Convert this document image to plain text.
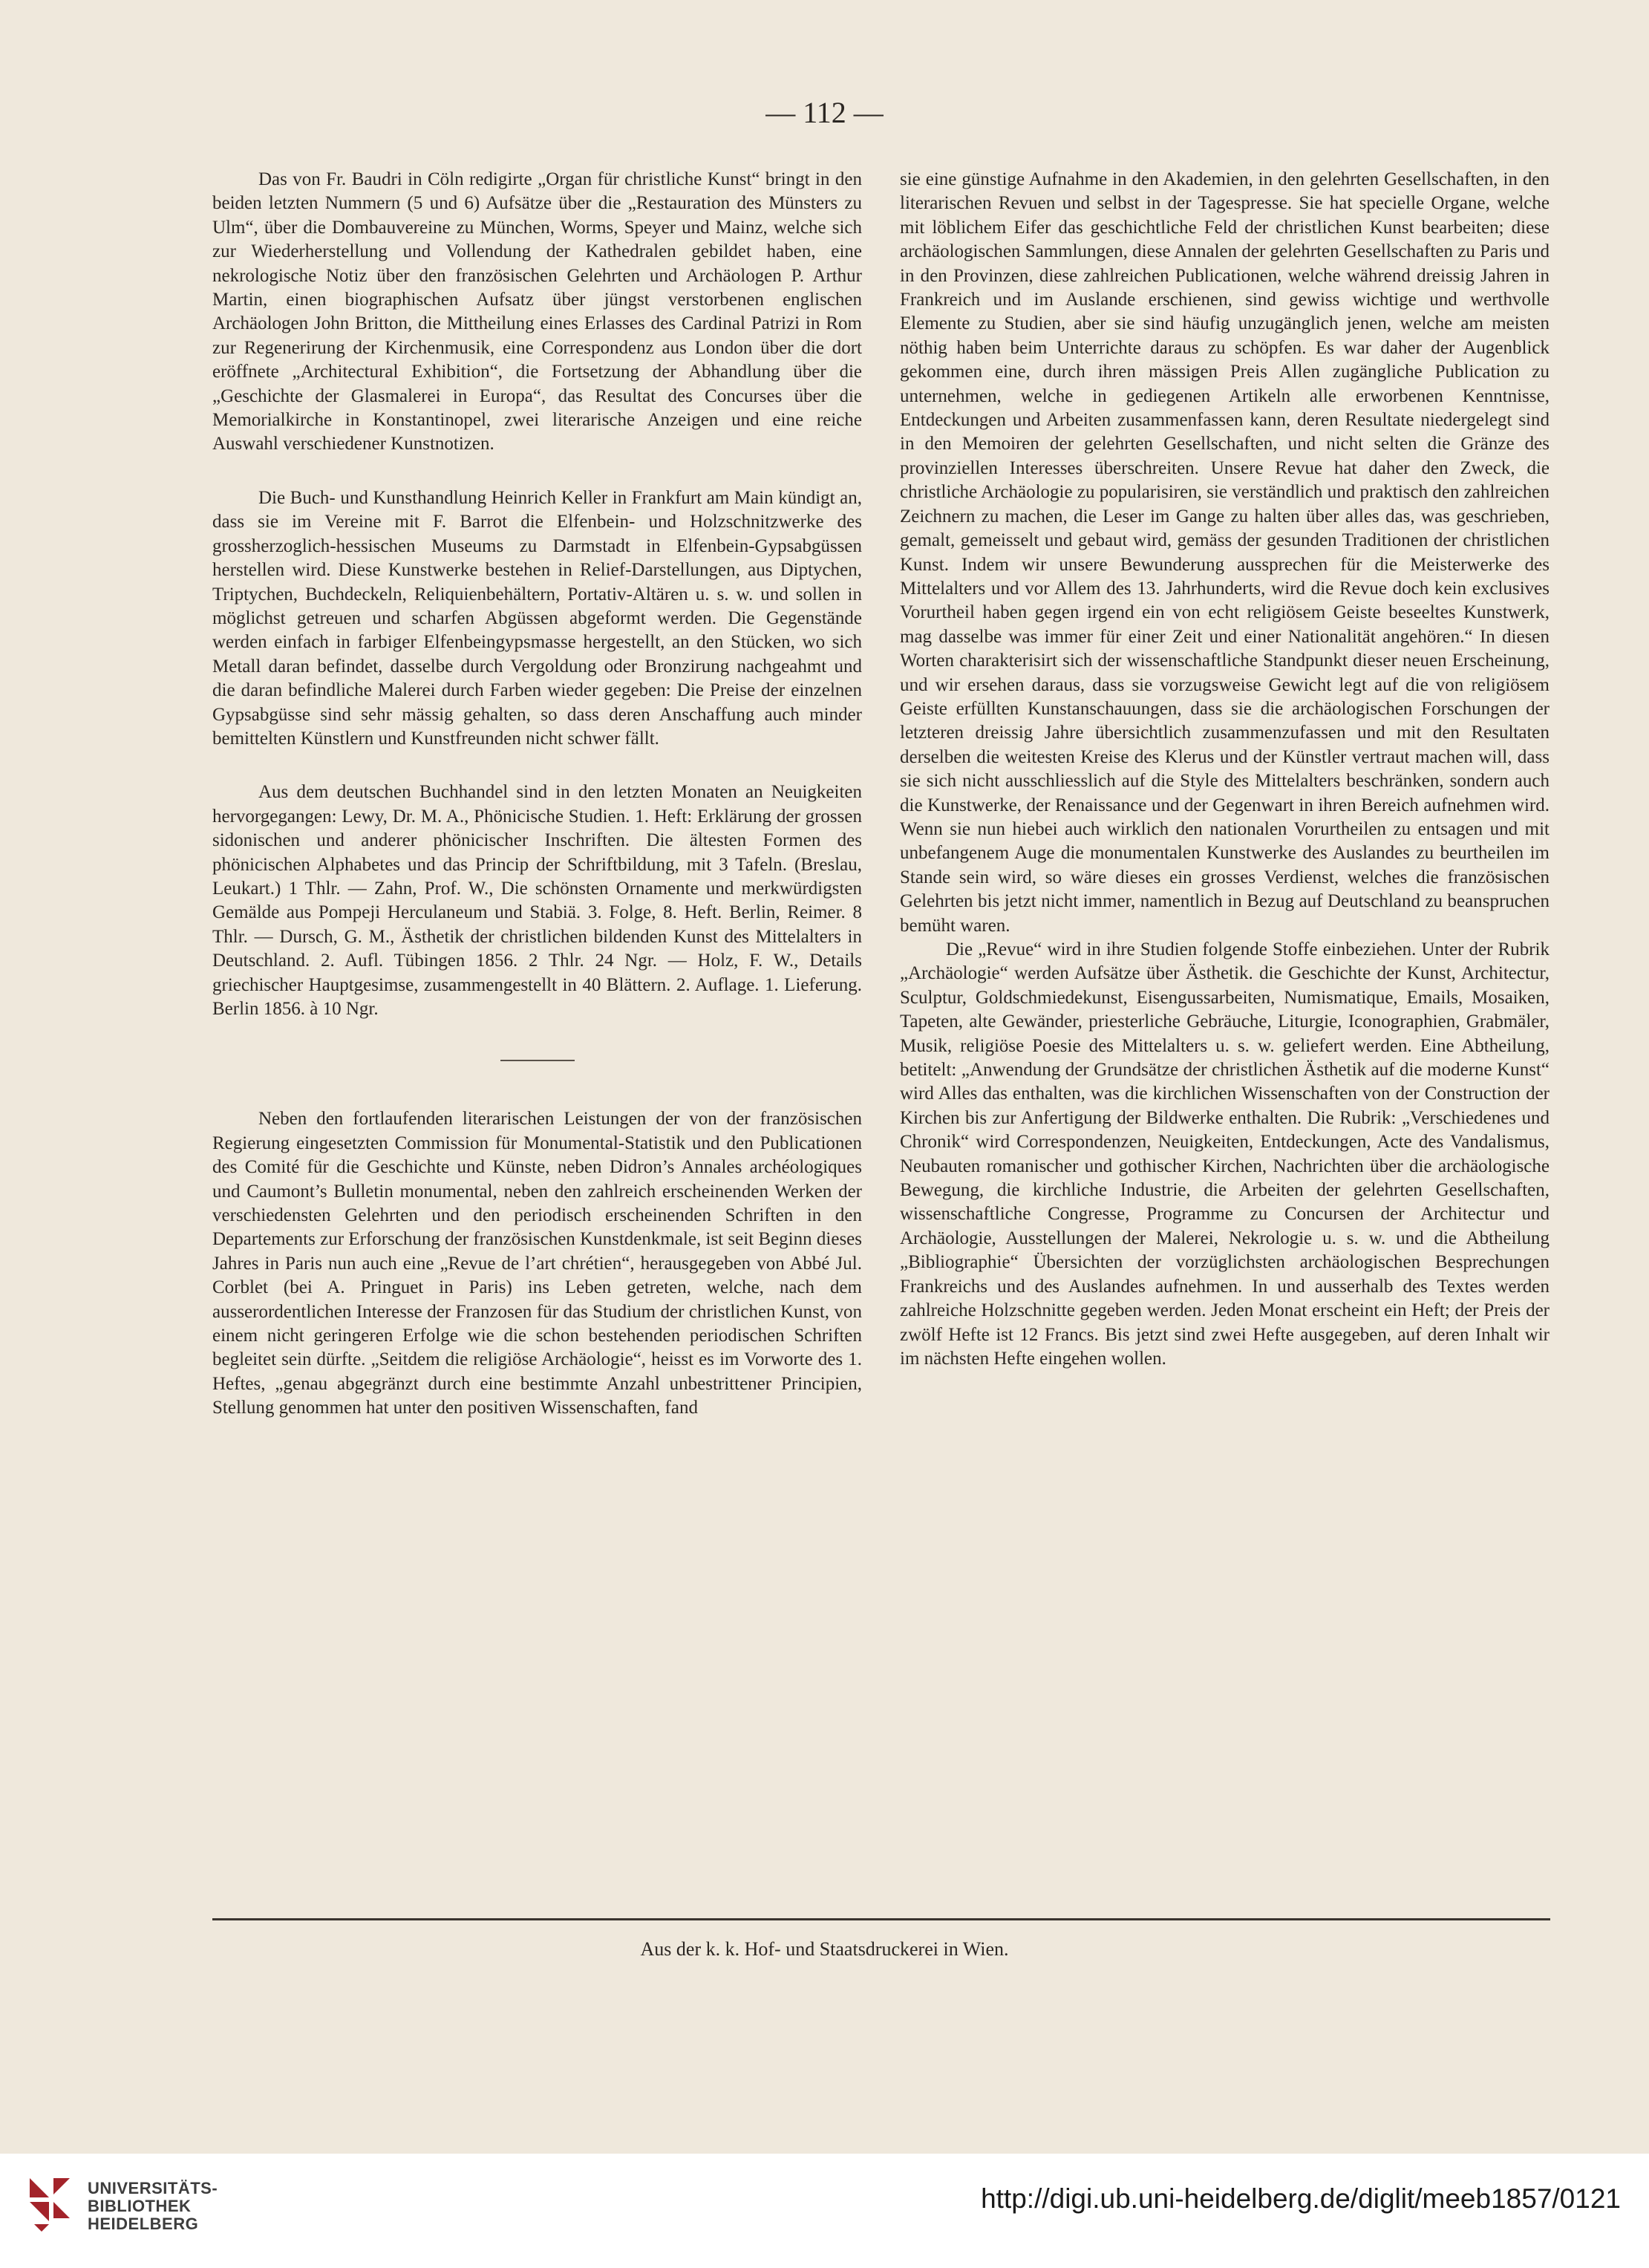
— 112 —

Das von Fr. Baudri in Cöln redigirte „Organ für christliche Kunst“ bringt in den beiden letzten Nummern (5 und 6) Aufsätze über die „Restauration des Münsters zu Ulm“, über die Dombauvereine zu München, Worms, Speyer und Mainz, welche sich zur Wiederherstellung und Vollendung der Kathedralen gebildet haben, eine nekrologische Notiz über den französischen Gelehrten und Archäologen P. Arthur Martin, einen biographischen Aufsatz über jüngst verstorbenen englischen Archäologen John Britton, die Mittheilung eines Erlasses des Cardinal Patrizi in Rom zur Regenerirung der Kirchenmusik, eine Correspondenz aus London über die dort eröffnete „Architectural Exhibition“, die Fortsetzung der Abhandlung über die „Geschichte der Glasmalerei in Europa“, das Resultat des Concurses über die Memorialkirche in Konstantinopel, zwei literarische Anzeigen und eine reiche Auswahl verschiedener Kunstnotizen.

Die Buch- und Kunsthandlung Heinrich Keller in Frankfurt am Main kündigt an, dass sie im Vereine mit F. Barrot die Elfenbein- und Holzschnitzwerke des grossherzoglich-hessischen Museums zu Darmstadt in Elfenbein-Gypsabgüssen herstellen wird. Diese Kunstwerke bestehen in Relief-Darstellungen, aus Diptychen, Triptychen, Buchdeckeln, Reliquienbehältern, Portativ-Altären u. s. w. und sollen in möglichst getreuen und scharfen Abgüssen abgeformt werden. Die Gegenstände werden einfach in farbiger Elfenbeingypsmasse hergestellt, an den Stücken, wo sich Metall daran befindet, dasselbe durch Vergoldung oder Bronzirung nachgeahmt und die daran befindliche Malerei durch Farben wieder gegeben: Die Preise der einzelnen Gypsabgüsse sind sehr mässig gehalten, so dass deren Anschaffung auch minder bemittelten Künstlern und Kunstfreunden nicht schwer fällt.

Aus dem deutschen Buchhandel sind in den letzten Monaten an Neuigkeiten hervorgegangen: Lewy, Dr. M. A., Phönicische Studien. 1. Heft: Erklärung der grossen sidonischen und anderer phönicischer Inschriften. Die ältesten Formen des phönicischen Alphabetes und das Princip der Schriftbildung, mit 3 Tafeln. (Breslau, Leukart.) 1 Thlr. — Zahn, Prof. W., Die schönsten Ornamente und merkwürdigsten Gemälde aus Pompeji Herculaneum und Stabiä. 3. Folge, 8. Heft. Berlin, Reimer. 8 Thlr. — Dursch, G. M., Ästhetik der christlichen bildenden Kunst des Mittelalters in Deutschland. 2. Aufl. Tübingen 1856. 2 Thlr. 24 Ngr. — Holz, F. W., Details griechischer Hauptgesimse, zusammengestellt in 40 Blättern. 2. Auflage. 1. Lieferung. Berlin 1856. à 10 Ngr.

Neben den fortlaufenden literarischen Leistungen der von der französischen Regierung eingesetzten Commission für Monumental-Statistik und den Publicationen des Comité für die Geschichte und Künste, neben Didron’s Annales archéologiques und Caumont’s Bulletin monumental, neben den zahlreich erscheinenden Werken der verschiedensten Gelehrten und den periodisch erscheinenden Schriften in den Departements zur Erforschung der französischen Kunstdenkmale, ist seit Beginn dieses Jahres in Paris nun auch eine „Revue de l’art chrétien“, herausgegeben von Abbé Jul. Corblet (bei A. Pringuet in Paris) ins Leben getreten, welche, nach dem ausserordentlichen Interesse der Franzosen für das Studium der christlichen Kunst, von einem nicht geringeren Erfolge wie die schon bestehenden periodischen Schriften begleitet sein dürfte. „Seitdem die religiöse Archäologie“, heisst es im Vorworte des 1. Heftes, „genau abgegränzt durch eine bestimmte Anzahl unbestrittener Principien, Stellung genommen hat unter den positiven Wissenschaften, fand

sie eine günstige Aufnahme in den Akademien, in den gelehrten Gesellschaften, in den literarischen Revuen und selbst in der Tagespresse. Sie hat specielle Organe, welche mit löblichem Eifer das geschichtliche Feld der christlichen Kunst bearbeiten; diese archäologischen Sammlungen, diese Annalen der gelehrten Gesellschaften zu Paris und in den Provinzen, diese zahlreichen Publicationen, welche während dreissig Jahren in Frankreich und im Auslande erschienen, sind gewiss wichtige und werthvolle Elemente zu Studien, aber sie sind häufig unzugänglich jenen, welche am meisten nöthig haben beim Unterrichte daraus zu schöpfen. Es war daher der Augenblick gekommen eine, durch ihren mässigen Preis Allen zugängliche Publication zu unternehmen, welche in gediegenen Artikeln alle erworbenen Kenntnisse, Entdeckungen und Arbeiten zusammenfassen kann, deren Resultate niedergelegt sind in den Memoiren der gelehrten Gesellschaften, und nicht selten die Gränze des provinziellen Interesses überschreiten. Unsere Revue hat daher den Zweck, die christliche Archäologie zu popularisiren, sie verständlich und praktisch den zahlreichen Zeichnern zu machen, die Leser im Gange zu halten über alles das, was geschrieben, gemalt, gemeisselt und gebaut wird, gemäss der gesunden Traditionen der christlichen Kunst. Indem wir unsere Bewunderung aussprechen für die Meisterwerke des Mittelalters und vor Allem des 13. Jahrhunderts, wird die Revue doch kein exclusives Vorurtheil haben gegen irgend ein von echt religiösem Geiste beseeltes Kunstwerk, mag dasselbe was immer für einer Zeit und einer Nationalität angehören.“ In diesen Worten charakterisirt sich der wissenschaftliche Standpunkt dieser neuen Erscheinung, und wir ersehen daraus, dass sie vorzugsweise Gewicht legt auf die von religiösem Geiste erfüllten Kunstanschauungen, dass sie die archäologischen Forschungen der letzteren dreissig Jahre übersichtlich zusammenzufassen und mit den Resultaten derselben die weitesten Kreise des Klerus und der Künstler vertraut machen will, dass sie sich nicht ausschliesslich auf die Style des Mittelalters beschränken, sondern auch die Kunstwerke, der Renaissance und der Gegenwart in ihren Bereich aufnehmen wird. Wenn sie nun hiebei auch wirklich den nationalen Vorurtheilen zu entsagen und mit unbefangenem Auge die monumentalen Kunstwerke des Auslandes zu beurtheilen im Stande sein wird, so wäre dieses ein grosses Verdienst, welches die französischen Gelehrten bis jetzt nicht immer, namentlich in Bezug auf Deutschland zu beanspruchen bemüht waren.

Die „Revue“ wird in ihre Studien folgende Stoffe einbeziehen. Unter der Rubrik „Archäologie“ werden Aufsätze über Ästhetik. die Geschichte der Kunst, Architectur, Sculptur, Goldschmiedekunst, Eisengussarbeiten, Numismatique, Emails, Mosaiken, Tapeten, alte Gewänder, priesterliche Gebräuche, Liturgie, Iconographien, Grabmäler, Musik, religiöse Poesie des Mittelalters u. s. w. geliefert werden. Eine Abtheilung, betitelt: „Anwendung der Grundsätze der christlichen Ästhetik auf die moderne Kunst“ wird Alles das enthalten, was die kirchlichen Wissenschaften von der Construction der Kirchen bis zur Anfertigung der Bildwerke enthalten. Die Rubrik: „Verschiedenes und Chronik“ wird Correspondenzen, Neuigkeiten, Entdeckungen, Acte des Vandalismus, Neubauten romanischer und gothischer Kirchen, Nachrichten über die archäologische Bewegung, die kirchliche Industrie, die Arbeiten der gelehrten Gesellschaften, wissenschaftliche Congresse, Programme zu Concursen der Architectur und Archäologie, Ausstellungen der Malerei, Nekrologie u. s. w. und die Abtheilung „Bibliographie“ Übersichten der vorzüglichsten archäologischen Besprechungen Frankreichs und des Auslandes aufnehmen. In und ausserhalb des Textes werden zahlreiche Holzschnitte gegeben werden. Jeden Monat erscheint ein Heft; der Preis der zwölf Hefte ist 12 Francs. Bis jetzt sind zwei Hefte ausgegeben, auf deren Inhalt wir im nächsten Hefte eingehen wollen.

Aus der k. k. Hof- und Staatsdruckerei in Wien.
UNIVERSITÄTS-
BIBLIOTHEK
HEIDELBERG
http://digi.ub.uni-heidelberg.de/diglit/meeb1857/0121
